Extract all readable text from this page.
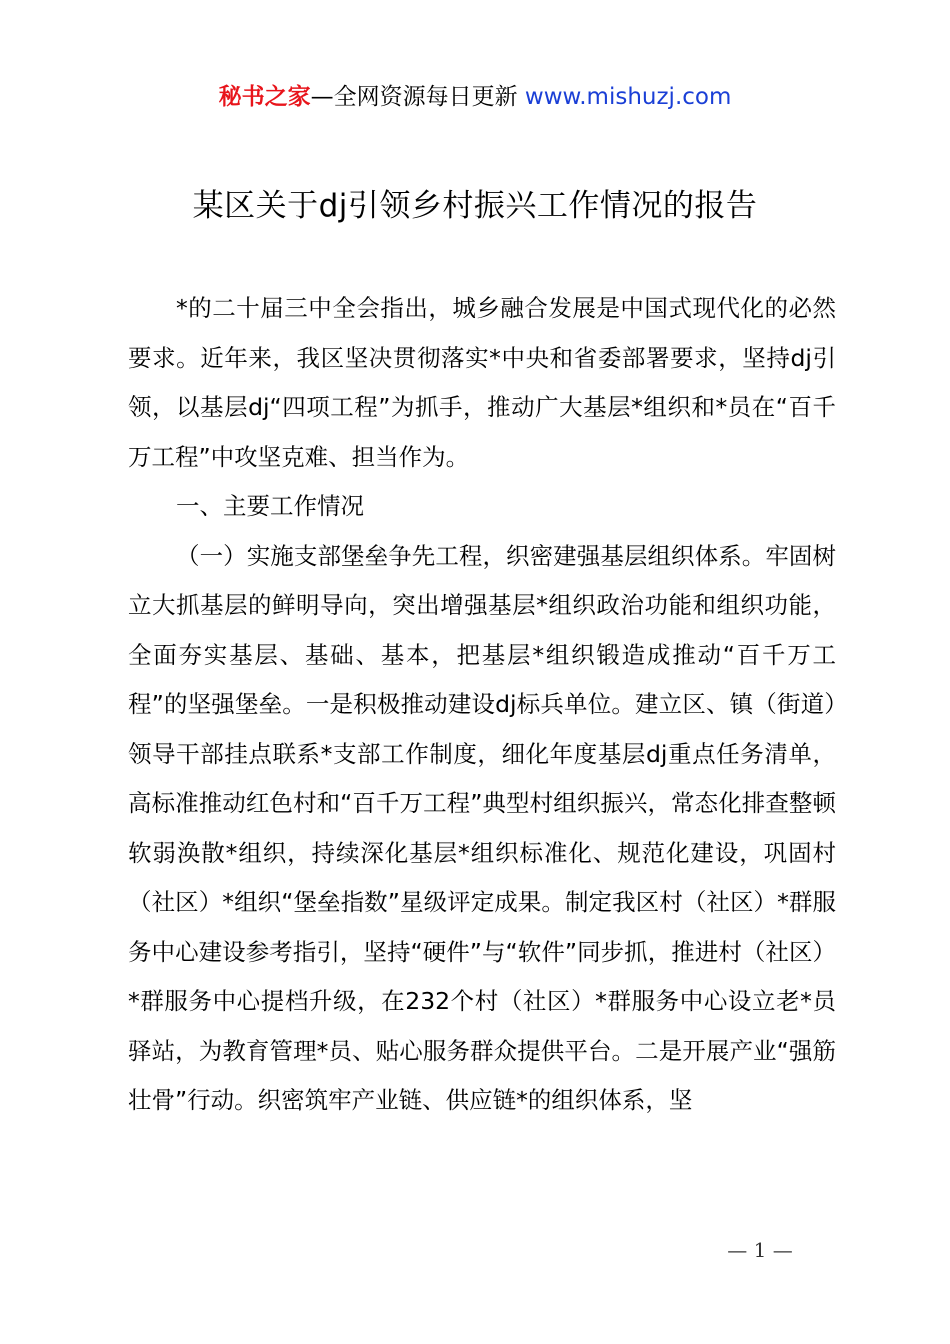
秘书之家—全网资源每日更新 www.mishuzj.com
某区关于dj引领乡村振兴工作情况的报告

*的二十届三中全会指出，城乡融合发展是中国式现代化的必然要求。近年来，我区坚决贯彻落实*中央和省委部署要求，坚持dj引领，以基层dj“四项工程”为抓手，推动广大基层*组织和*员在“百千万工程”中攻坚克难、担当作为。

一、主要工作情况

（一）实施支部堡垒争先工程，织密建强基层组织体系。牢固树立大抓基层的鲜明导向，突出增强基层*组织政治功能和组织功能，全面夯实基层、基础、基本，把基层*组织锻造成推动“百千万工程”的坚强堡垒。一是积极推动建设dj标兵单位。建立区、镇（街道）领导干部挂点联系*支部工作制度，细化年度基层dj重点任务清单，高标准推动红色村和“百千万工程”典型村组织振兴，常态化排查整顿软弱涣散*组织，持续深化基层*组织标准化、规范化建设，巩固村（社区）*组织“堡垒指数”星级评定成果。制定我区村（社区）*群服务中心建设参考指引，坚持“硬件”与“软件”同步抓，推进村（社区）*群服务中心提档升级，在232个村（社区）*群服务中心设立老*员驿站，为教育管理*员、贴心服务群众提供平台。二是开展产业“强筋壮骨”行动。织密筑牢产业链、供应链*的组织体系，坚

— 1 —
